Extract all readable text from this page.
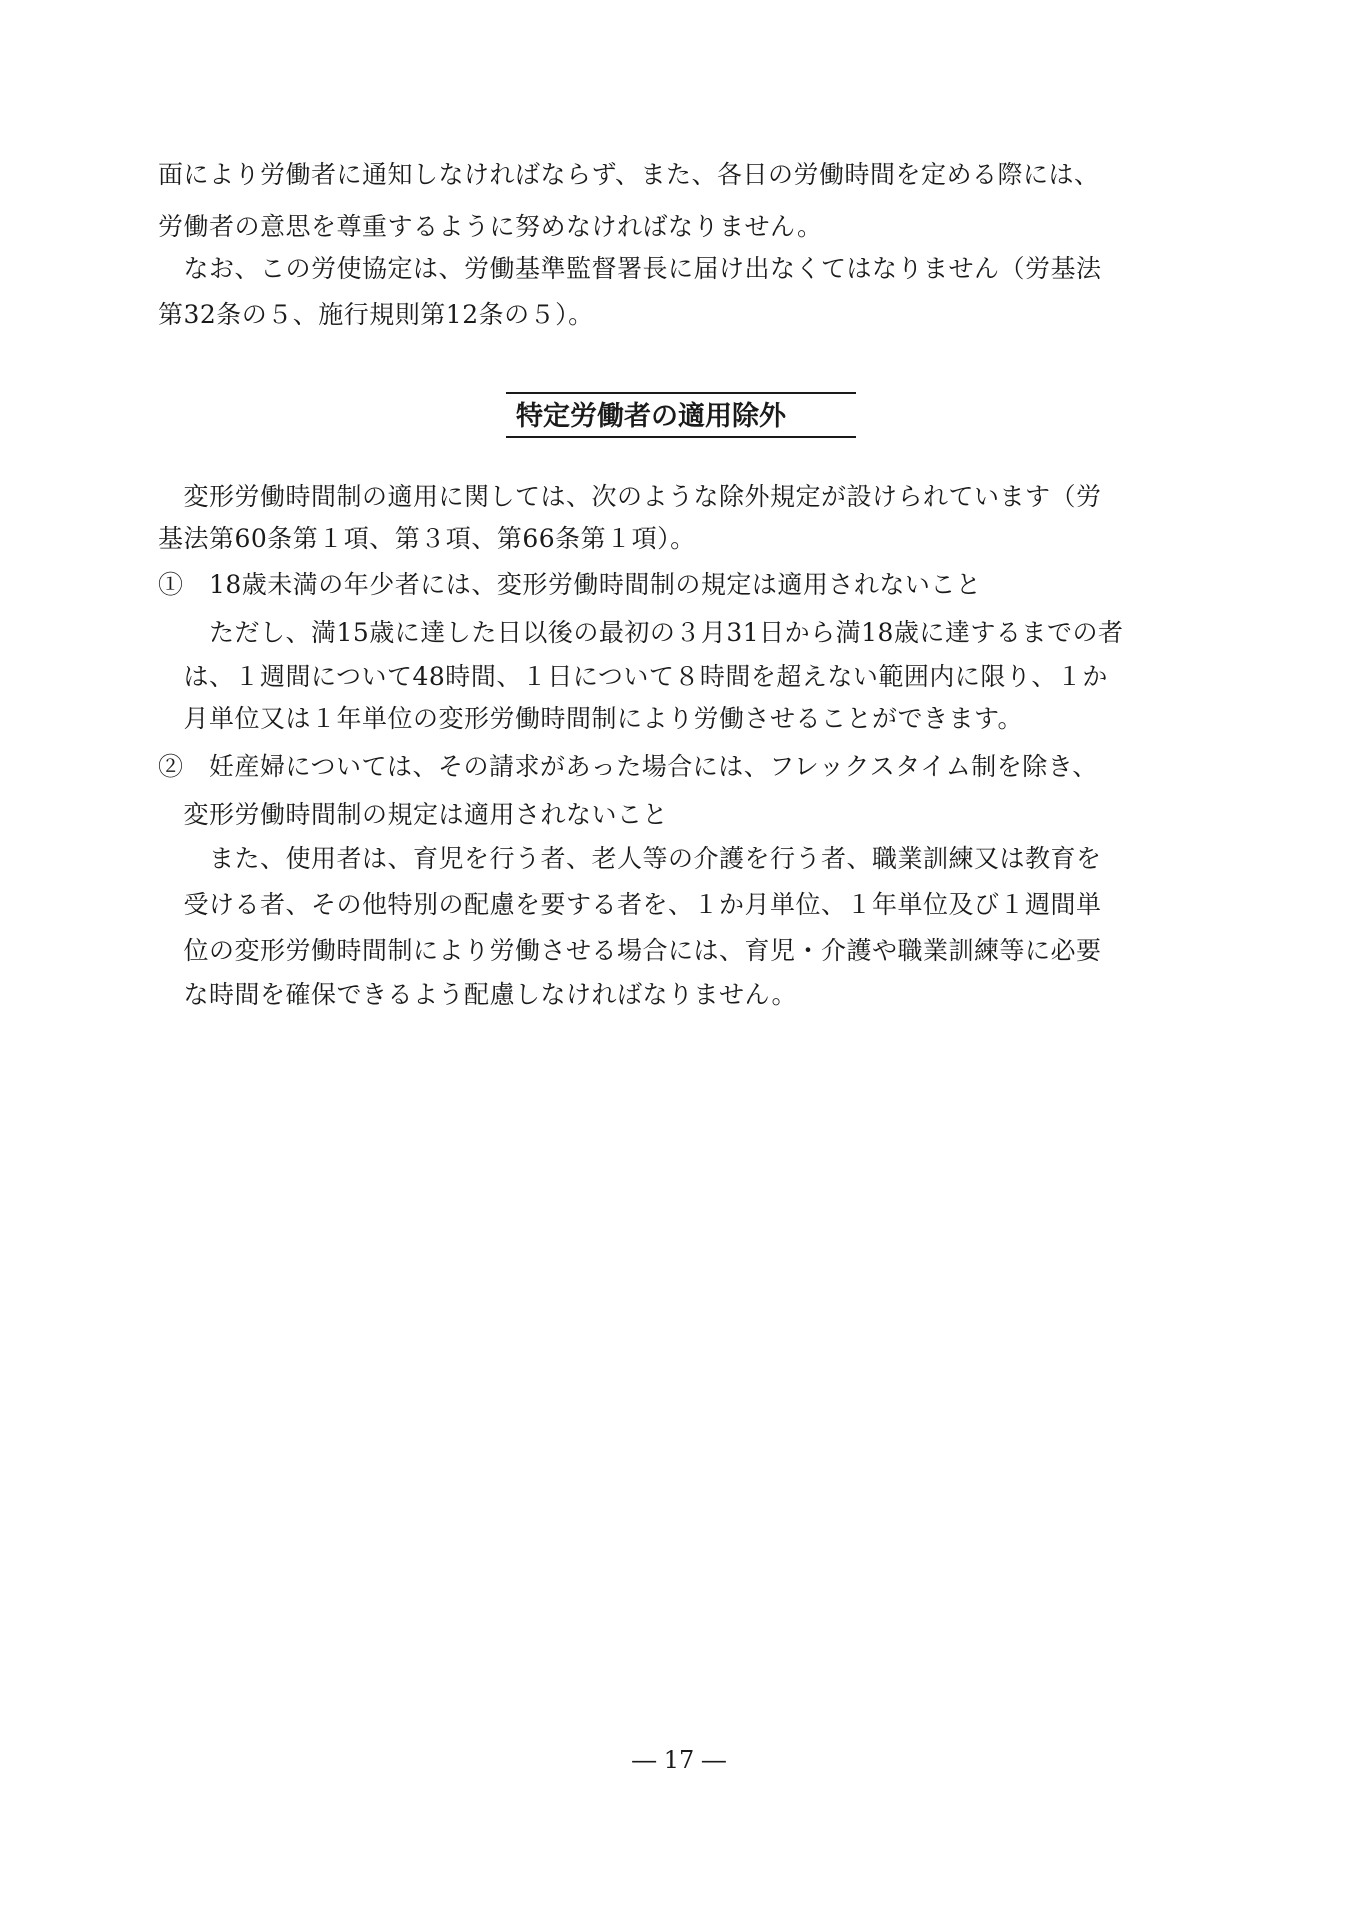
面により労働者に通知しなければならず、また、各日の労働時間を定める際には、
労働者の意思を尊重するように努めなければなりません。
　なお、この労使協定は、労働基準監督署長に届け出なくてはなりません（労基法
第32条の５、施行規則第12条の５）。
特定労働者の適用除外
　変形労働時間制の適用に関しては、次のような除外規定が設けられています（労
基法第60条第１項、第３項、第66条第１項）。
①　18歳未満の年少者には、変形労働時間制の規定は適用されないこと
　　ただし、満15歳に達した日以後の最初の３月31日から満18歳に達するまでの者
　は、１週間について48時間、１日について８時間を超えない範囲内に限り、１か
　月単位又は１年単位の変形労働時間制により労働させることができます。
②　妊産婦については、その請求があった場合には、フレックスタイム制を除き、
　変形労働時間制の規定は適用されないこと
　　また、使用者は、育児を行う者、老人等の介護を行う者、職業訓練又は教育を
　受ける者、その他特別の配慮を要する者を、１か月単位、１年単位及び１週間単
　位の変形労働時間制により労働させる場合には、育児・介護や職業訓練等に必要
　な時間を確保できるよう配慮しなければなりません。
― 17 ―
